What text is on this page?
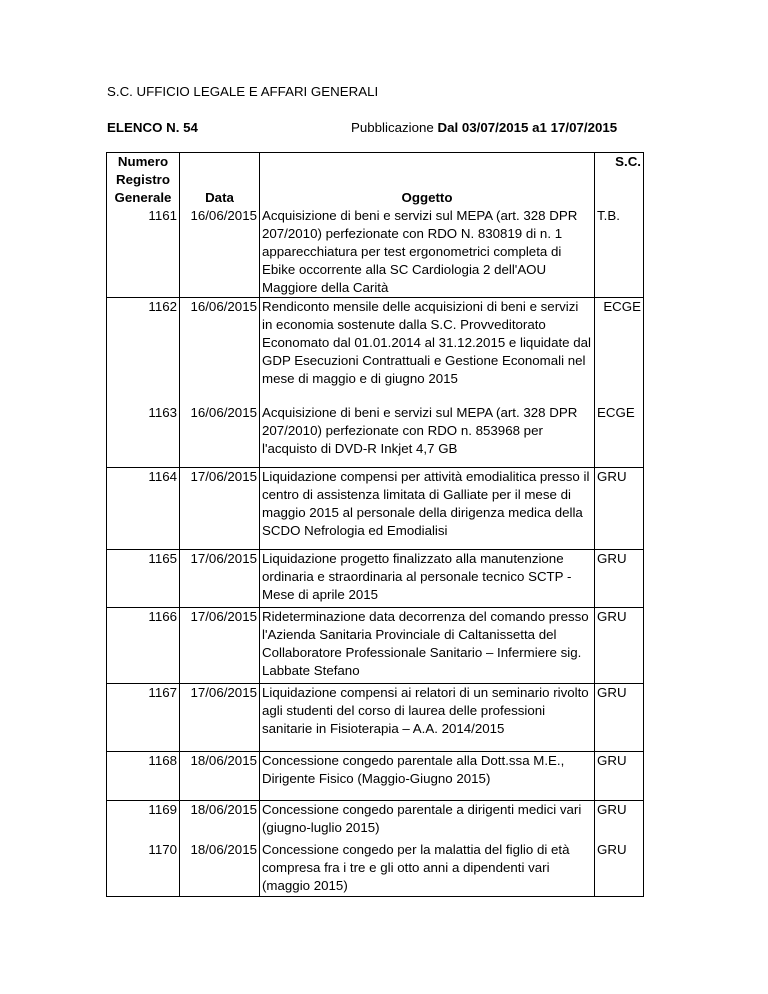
S.C. UFFICIO LEGALE E AFFARI GENERALI
ELENCO N. 54	Pubblicazione Dal 03/07/2015 a1 17/07/2015
Numero Registro Generale	Data	Oggetto	S.C.
1161	16/06/2015	Acquisizione di beni e servizi sul MEPA (art. 328 DPR 207/2010) perfezionate con RDO N. 830819 di n. 1 apparecchiatura per test ergonometrici completa di Ebike occorrente alla SC Cardiologia 2 dell'AOU Maggiore della Carità	T.B.
1162	16/06/2015	Rendiconto mensile delle acquisizioni di beni e servizi in economia sostenute dalla S.C. Provveditorato Economato dal 01.01.2014 al 31.12.2015 e liquidate dal GDP Esecuzioni Contrattuali e Gestione Economali nel mese di maggio e di giugno 2015	ECGE
1163	16/06/2015	Acquisizione di beni e servizi sul MEPA (art. 328 DPR 207/2010) perfezionate con RDO n. 853968 per l'acquisto di DVD-R Inkjet 4,7 GB	ECGE
1164	17/06/2015	Liquidazione compensi per attività emodialitica presso il centro di assistenza limitata di Galliate per il mese di maggio 2015 al personale della dirigenza medica della SCDO Nefrologia ed Emodialisi	GRU
1165	17/06/2015	Liquidazione progetto finalizzato alla manutenzione ordinaria e straordinaria al personale tecnico SCTP - Mese di aprile 2015	GRU
1166	17/06/2015	Rideterminazione data decorrenza del comando presso l'Azienda Sanitaria Provinciale di Caltanissetta del Collaboratore Professionale Sanitario – Infermiere sig. Labbate Stefano	GRU
1167	17/06/2015	Liquidazione compensi ai relatori di un seminario rivolto agli studenti del corso di laurea delle professioni sanitarie in Fisioterapia – A.A. 2014/2015	GRU
1168	18/06/2015	Concessione congedo parentale alla Dott.ssa M.E., Dirigente Fisico (Maggio-Giugno 2015)	GRU
1169	18/06/2015	Concessione congedo parentale a dirigenti medici vari (giugno-luglio 2015)	GRU
1170	18/06/2015	Concessione congedo per la malattia del figlio di età compresa fra i tre e gli otto anni a dipendenti vari (maggio 2015)	GRU
